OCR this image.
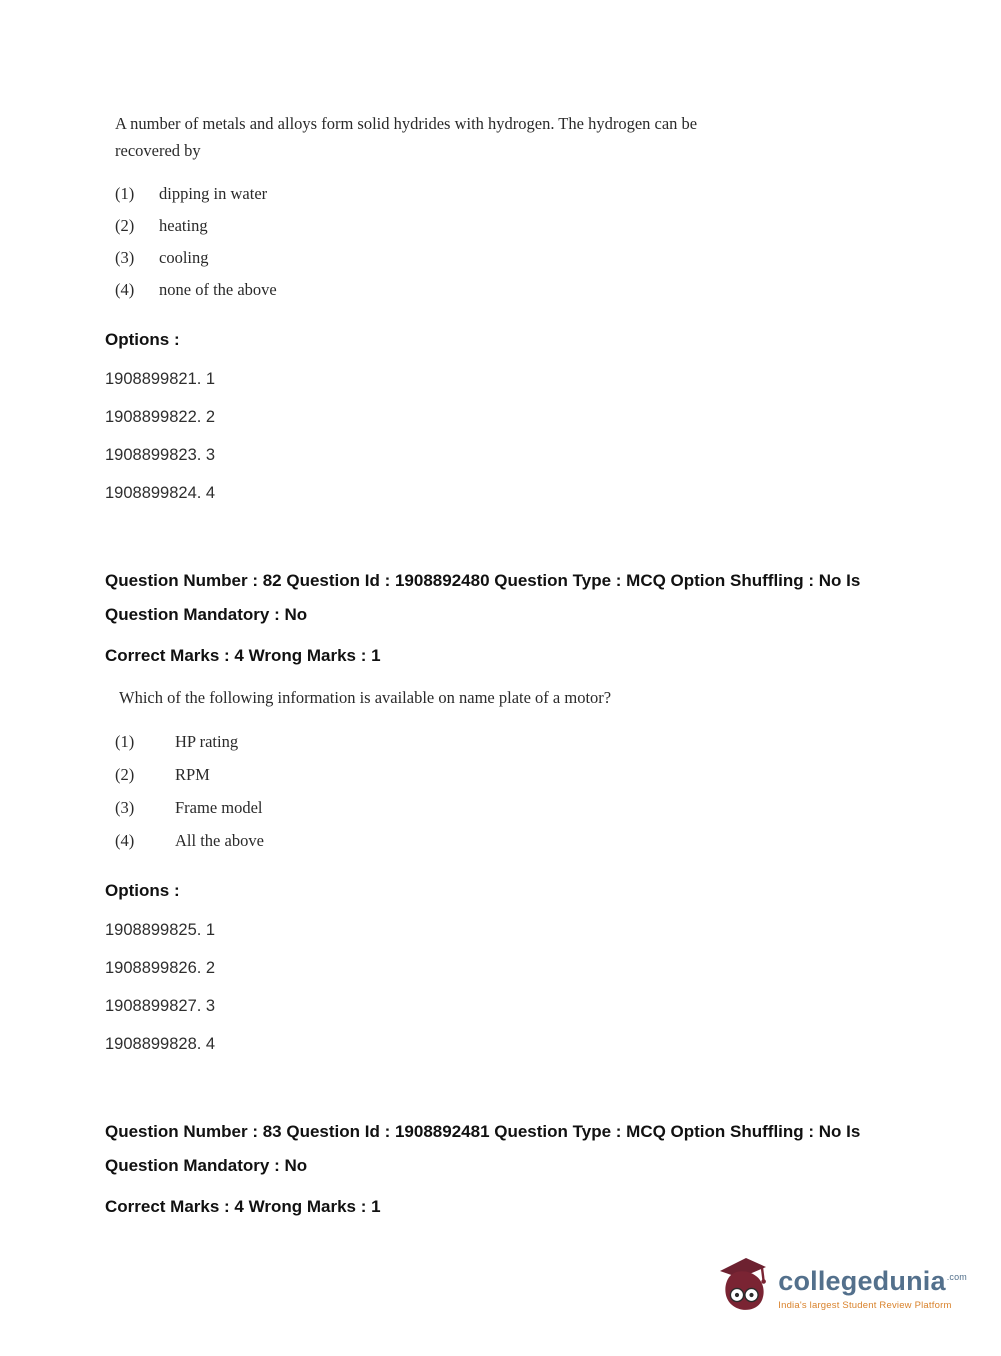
A number of metals and alloys form solid hydrides with hydrogen. The hydrogen can be
recovered by
(1)	dipping in water
(2)	heating
(3)	cooling
(4)	none of the above
Options :
1908899821. 1
1908899822. 2
1908899823. 3
1908899824. 4
Question Number : 82 Question Id : 1908892480 Question Type : MCQ Option Shuffling : No Is
Question Mandatory : No
Correct Marks : 4 Wrong Marks : 1
Which of the following information is available on name plate of a motor?
(1)	HP rating
(2)	RPM
(3)	Frame model
(4)	All the above
Options :
1908899825. 1
1908899826. 2
1908899827. 3
1908899828. 4
Question Number : 83 Question Id : 1908892481 Question Type : MCQ Option Shuffling : No Is
Question Mandatory : No
Correct Marks : 4 Wrong Marks : 1
collegedunia$^{.com}$
India's largest Student Review Platform
